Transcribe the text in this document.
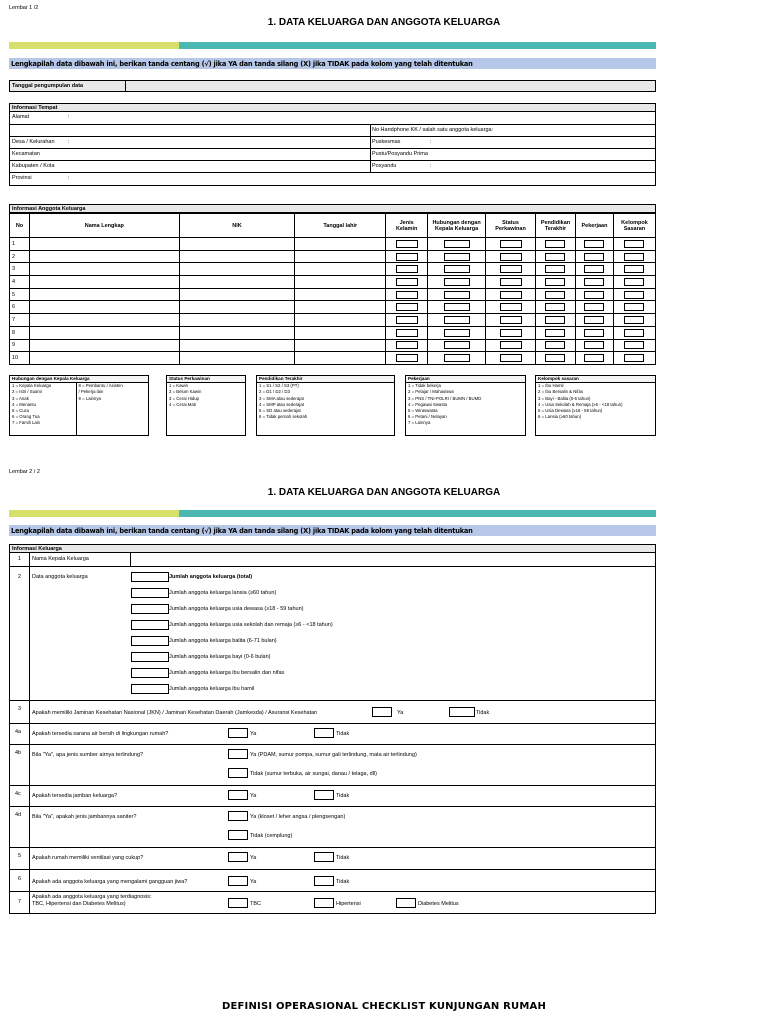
Lembar 1 /2
1. DATA KELUARGA DAN ANGGOTA KELUARGA
Lengkapilah data dibawah ini, berikan tanda centang (√) jika YA dan tanda silang (X) jika TIDAK pada kolom yang telah ditentukan
Tanggal pengumpulan data
Informasi Tempat
Alamat	:
No Handphone KK / salah satu anggota keluarga:
Desa / Kelurahan :	Puskesmas	:
Kecamatan	Pustu/Posyandu Prima
Kabupaten / Kota	Posyandu	:
Provinsi	:
Informasi Anggota Keluarga
No	Nama Lengkap	NIK	Tanggal lahir	Jenis Kelamin	Hubungan dengan Kepala Keluarga	Status Perkawinan	Pendidikan Terakhir	Pekerjaan	Kelompok Sasaran
1									
2									
3									
4									
5									
6									
7									
8									
9									
10									
Hubungan dengan Kepala Keluarga
1 = Kepala Keluarga
2 = Istri / Suami
3 = Anak
4 = Menantu
5 = Cucu
6 = Orang Tua
7 = Famili Lain
8 = Pembantu / Asisten
/ Pekerja lain
9 = Lainnya
Status Perkawinan
1 = Kawin
2 = Belum Kawin
3 = Cerai Hidup
4 = Cerai Mati
Pendidikan Terakhir
1 = S1 / S2 / S3 (PT)
2 = D1 / D2 / D3
3 = SMA atau sederajat
4 = SMP atau sederajat
5 = SD atau sederajat
6 = Tidak pernah sekolah
Pekerjaan
1 = Tidak bekerja
2 = Pelajar / Mahasiswa
3 = PNS / TNI-POLRI / BUMN / BUMD
4 = Pegawai Swasta
5 = Wiraswasta
6 = Petani / Nelayan
7 = Lainnya
Kelompok sasaran
1 = Ibu Hamil
2 = Ibu Bersalin & Nifas
3 = Bayi - Balita (0-6 tahun)
4 = Usia Sekolah & Remaja (≥6 - <18 tahun)
5 = Usia Dewasa (≥18 - 59 tahun)
6 = Lansia (≥60 tahun)
Lembar 2 / 2
1. DATA KELUARGA DAN ANGGOTA KELUARGA
Lengkapilah data dibawah ini, berikan tanda centang (√) jika YA dan tanda silang (X) jika TIDAK pada kolom yang telah ditentukan
Informasi Keluarga
1 Nama Kepala Keluarga
2 Data anggota keluarga	Jumlah anggota keluarga (total)
Jumlah anggota keluarga lansia (≥60 tahun)
Jumlah anggota keluarga usia dewasa (≥18 - 59 tahun)
Jumlah anggota keluarga usia sekolah dan remaja (≥6 - <18 tahun)
Jumlah anggota keluarga balita (6-71 bulan)
Jumlah anggota keluarga bayi (0-6 bulan)
Jumlah anggota keluarga ibu bersalin dan nifas
Jumlah anggota keluarga ibu hamil
3
Apakah memiliki Jaminan Kesehatan Nasional (JKN) / Jaminan Kesehatan Daerah (Jamkesda) / Asuransi Kesehatan	Ya	Tidak
4a Apakah tersedia sarana air bersih di lingkungan rumah?	Ya	Tidak
4b Bila "Ya", apa jenis sumber airnya terlindung?	Ya (PDAM, sumur pompa, sumur gali terlindung, mata air terlindung)
Tidak (sumur terbuka, air sungai, danau / telaga, dll)
4c Apakah tersedia jamban keluarga?	Ya	Tidak
4d Bila "Ya", apakah jenis jambannya saniter?	Ya (kloset / leher angsa / plengsengan)
Tidak (cemplung)
5 Apakah rumah memiliki ventilasi yang cukup?	Ya	Tidak
6 Apakah ada anggota keluarga yang mengalami gangguan jiwa?	Ya	Tidak
7
Apakah ada anggota keluarga yang terdiagnosis:
TBC, Hipertensi dan Diabetes Melitus)	TBC	Hipertensi	Diabetes Melitus
DEFINISI OPERASIONAL CHECKLIST KUNJUNGAN RUMAH
